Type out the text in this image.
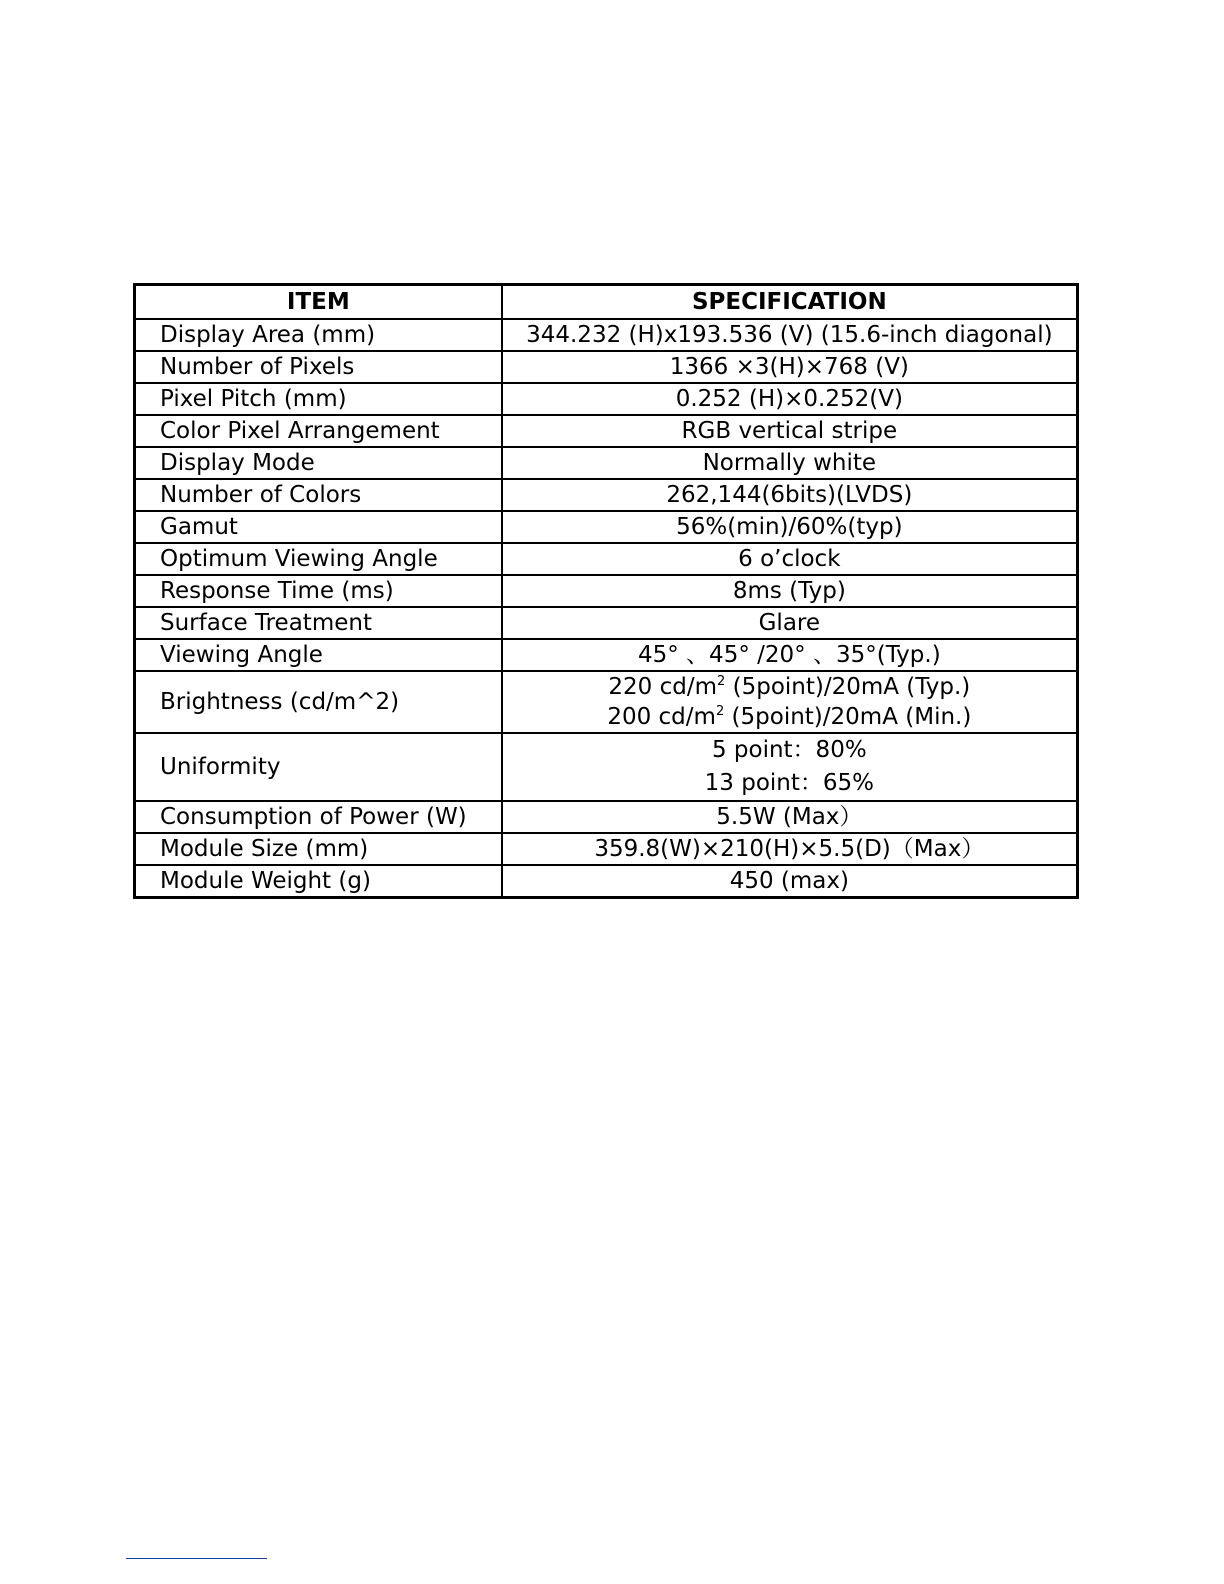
ITEM	SPECIFICATION
Display Area (mm)	344.232 (H)x193.536 (V) (15.6-inch diagonal)
Number of Pixels	1366 ×3(H)×768 (V)
Pixel Pitch (mm)	0.252 (H)×0.252(V)
Color Pixel Arrangement	RGB vertical stripe
Display Mode	Normally white
Number of Colors	262,144(6bits)(LVDS)
Gamut	56%(min)/60%(typ)
Optimum Viewing Angle	6 o’clock
Response Time (ms)	8ms (Typ)
Surface Treatment	Glare
Viewing Angle	45° 、45° /20° 、35°(Typ.)
Brightness (cd/m^2)	220 $cd/m^2$ (5point)/20mA (Typ.)
200 $cd/m^2$ (5point)/20mA (Min.)

Uniformity	5 point：80%
13 point：65%

Consumption of Power (W)	5.5W (Max）
Module Size (mm)	359.8(W)×210(H)×5.5(D)（Max）
Module Weight (g)	450 (max)
